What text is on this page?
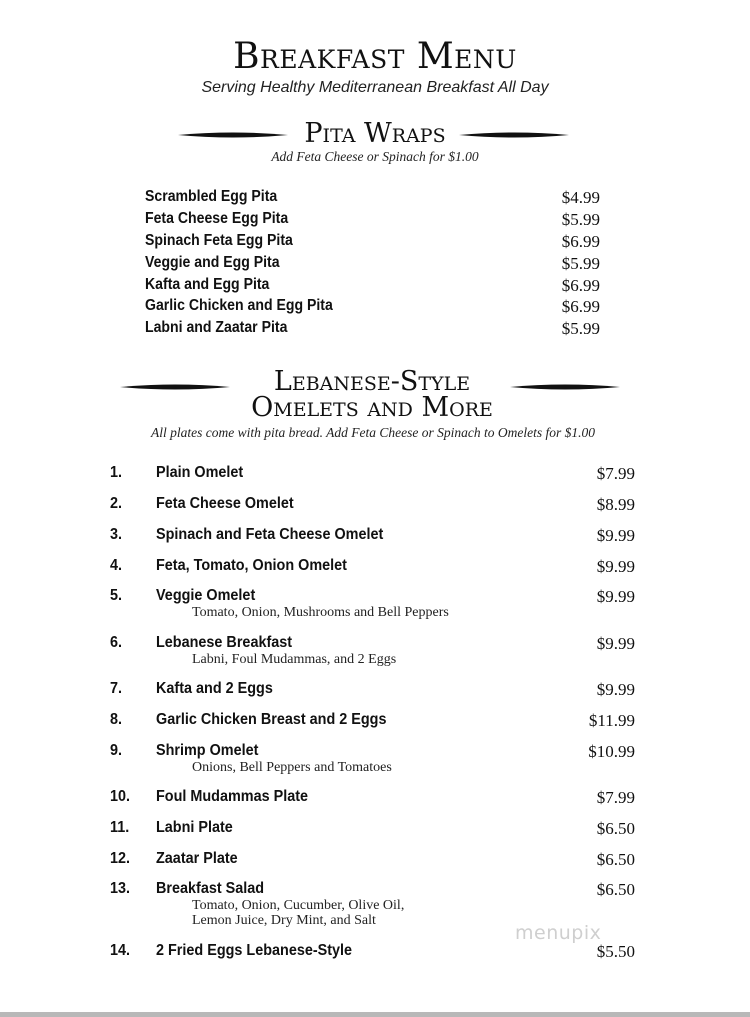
Breakfast Menu
Serving Healthy Mediterranean Breakfast All Day
Pita Wraps
Add Feta Cheese or Spinach for $1.00
Scrambled Egg Pita	$4.99
Feta Cheese Egg Pita	$5.99
Spinach Feta Egg Pita	$6.99
Veggie and Egg Pita	$5.99
Kafta and Egg Pita	$6.99
Garlic Chicken and Egg Pita	$6.99
Labni and Zaatar Pita	$5.99
Lebanese-Style
Omelets and More
All plates come with pita bread. Add Feta Cheese or Spinach to Omelets for $1.00
1. Plain Omelet	$7.99
2. Feta Cheese Omelet	$8.99
3. Spinach and Feta Cheese Omelet	$9.99
4. Feta, Tomato, Onion Omelet	$9.99
5. Veggie Omelet	$9.99
Tomato, Onion, Mushrooms and Bell Peppers
6. Lebanese Breakfast	$9.99
Labni, Foul Mudammas, and 2 Eggs
7. Kafta and 2 Eggs	$9.99
8. Garlic Chicken Breast and 2 Eggs	$11.99
9. Shrimp Omelet	$10.99
Onions, Bell Peppers and Tomatoes
10. Foul Mudammas Plate	$7.99
11. Labni Plate	$6.50
12. Zaatar Plate	$6.50
13. Breakfast Salad	$6.50
Tomato, Onion, Cucumber, Olive Oil,
Lemon Juice, Dry Mint, and Salt
14. 2 Fried Eggs Lebanese-Style	$5.50
menupix
